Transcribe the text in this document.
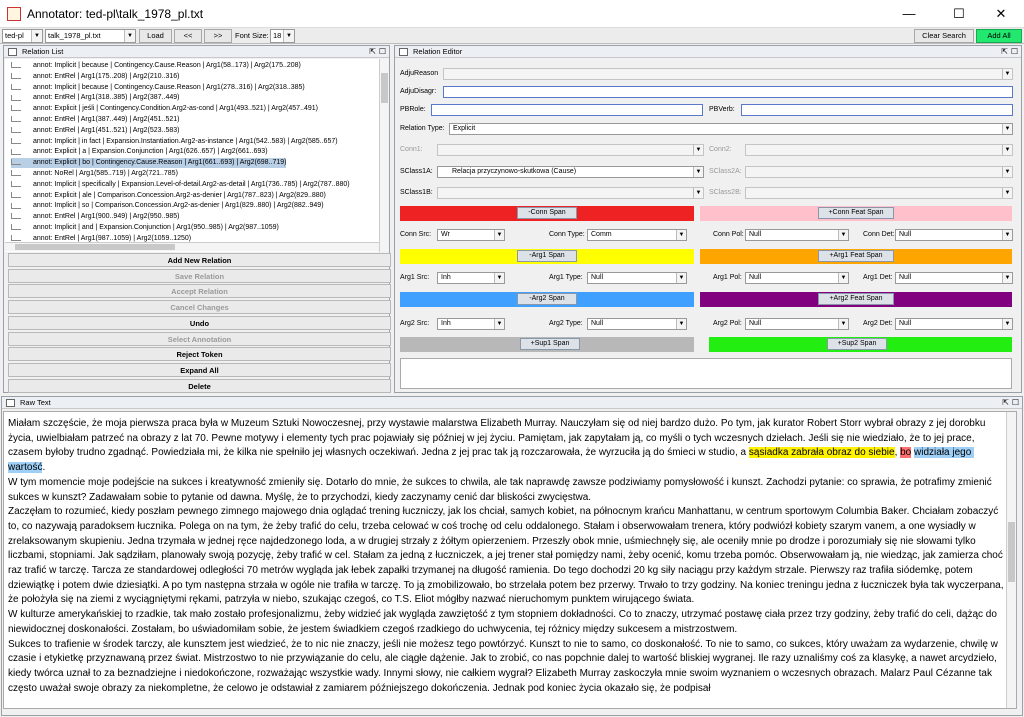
Annotator: ted-pl\talk_1978_pl.txt	—	☐	✕
ted-pl	▼	talk_1978_pl.txt	▼	Load	<<	>>	Font Size: 18 ▼	Clear Search	Add All
Relation List	⇱ ☐
annot: Implicit | because | Contingency.Cause.Reason | Arg1(58..173) | Arg2(175..208)
annot: EntRel | Arg1(175..208) | Arg2(210..316)
annot: Implicit | because | Contingency.Cause.Reason | Arg1(278..316) | Arg2(318..385)
annot: EntRel | Arg1(318..385) | Arg2(387..449)
annot: Explicit | jeśli | Contingency.Condition.Arg2-as-cond | Arg1(493..521) | Arg2(457..491)
annot: EntRel | Arg1(387..449) | Arg2(451..521)
annot: EntRel | Arg1(451..521) | Arg2(523..583)
annot: Implicit | in fact | Expansion.Instantiation.Arg2-as-instance | Arg1(542..583) | Arg2(585..657)
annot: Explicit | a | Expansion.Conjunction | Arg1(626..657) | Arg2(661..693)
annot: Explicit | bo | Contingency.Cause.Reason | Arg1(661..693) | Arg2(698..719)
annot: NoRel | Arg1(585..719) | Arg2(721..785)
annot: Implicit | specifically | Expansion.Level-of-detail.Arg2-as-detail | Arg1(736..785) | Arg2(787..880)
annot: Explicit | ale | Comparison.Concession.Arg2-as-denier | Arg1(787..823) | Arg2(829..880)
annot: Implicit | so | Comparison.Concession.Arg2-as-denier | Arg1(829..880) | Arg2(882..949)
annot: EntRel | Arg1(900..949) | Arg2(950..985)
annot: Implicit | and | Expansion.Conjunction | Arg1(950..985) | Arg2(987..1059)
annot: EntRel | Arg1(987..1059) | Arg2(1059..1250)
Add New Relation
Save Relation
Accept Relation
Cancel Changes
Undo
Select Annotation
Reject Token
Expand All
Delete
Relation Editor	⇱ ☐
AdjuReason	▼
AdjuDisagr:
PBRole:	PBVerb:
Relation Type:	Explicit	▼
Conn1:	▼ Conn2:	▼
SClass1A:	Relacja przyczynowo-skutkowa (Cause)	▼ SClass2A:	▼
SClass1B:	▼ SClass2B:	▼
-Conn Span	+Conn Feat Span
Conn Src:	Wr	▼	Conn Type: Comm	▼	Conn Pol: Null	▼ Conn Det: Null	▼
-Arg1 Span	+Arg1 Feat Span
Arg1 Src:	Inh	▼	Arg1 Type:	Null	▼	Arg1 Pol:	Null	▼ Arg1 Det: Null	▼
-Arg2 Span	+Arg2 Feat Span
Arg2 Src:	Inh	▼	Arg2 Type:	Null	▼	Arg2 Pol:	Null	▼ Arg2 Det: Null	▼
+Sup1 Span	+Sup2 Span
Raw Text	⇱ ☐
Miałam szczęście, że moja pierwsza praca była w Muzeum Sztuki Nowoczesnej, przy wystawie malarstwa Elizabeth Murray. Nauczyłam się od niej bardzo dużo. Po tym, jak kurator Robert Storr wybrał obrazy z jej dorobku życia, uwielbiałam patrzeć na obrazy z lat 70. Pewne motywy i elementy tych prac pojawiały się później w jej życiu. Pamiętam, jak zapytałam ją, co myśli o tych wczesnych dziełach. Jeśli się nie wiedziało, że to jej prace, czasem byłoby trudno zgadnąć. Powiedziała mi, że kilka nie spełniło jej własnych oczekiwań. Jedna z jej prac tak ją rozczarowała, że wyrzuciła ją do śmieci w studio, a sąsiadka zabrała obraz do siebie, bo widziała jego wartość.
W tym momencie moje podejście na sukces i kreatywność zmieniły się. Dotarło do mnie, że sukces to chwila, ale tak naprawdę zawsze podziwiamy pomysłowość i kunszt. Zachodzi pytanie: co sprawia, że potrafimy zmienić sukces w kunszt? Zadawałam sobie to pytanie od dawna. Myślę, że to przychodzi, kiedy zaczynamy cenić dar bliskości zwycięstwa.
Zaczęłam to rozumieć, kiedy poszłam pewnego zimnego majowego dnia oglądać trening łuczniczy, jak los chciał, samych kobiet, na północnym krańcu Manhattanu, w centrum sportowym Columbia Baker. Chciałam zobaczyć to, co nazywają paradoksem łucznika. Polega on na tym, że żeby trafić do celu, trzeba celować w coś trochę od celu oddalonego. Stałam i obserwowałam trenera, który podwiózł kobiety szarym vanem, a one wysiadły w zrelaksowanym skupieniu. Jedna trzymała w jednej ręce najdedzonego loda, a w drugiej strzały z żółtym opierzeniem. Przeszły obok mnie, uśmiechnęły się, ale oceniły mnie po drodze i porozumiały się nie słowami tylko liczbami, stopniami. Jak sądziłam, planowały swoją pozycję, żeby trafić w cel. Stałam za jedną z łuczniczek, a jej trener stał pomiędzy nami, żeby ocenić, komu trzeba pomóc. Obserwowałam ją, nie wiedząc, jak zamierza choć raz trafić w tarczę. Tarcza ze standardowej odległości 70 metrów wygląda jak łebek zapałki trzymanej na długość ramienia. Do tego dochodzi 20 kg siły naciągu przy każdym strzale. Pierwszy raz trafiła siódemkę, potem dziewiątkę i potem dwie dziesiątki. A po tym następna strzała w ogóle nie trafiła w tarczę. To ją zmobilizowało, bo strzelała potem bez przerwy. Trwało to trzy godziny. Na koniec treningu jedna z łuczniczek była tak wyczerpana, że położyła się na ziemi z wyciągniętymi rękami, patrzyła w niebo, szukając czegoś, co T.S. Eliot mógłby nazwać nieruchomym punktem wirującego świata.
W kulturze amerykańskiej to rzadkie, tak mało zostało profesjonalizmu, żeby widzieć jak wygląda zawziętość z tym stopniem dokładności. Co to znaczy, utrzymać postawę ciała przez trzy godziny, żeby trafić do celi, dążąc do niewidocznej doskonałości. Zostałam, bo uświadomiłam sobie, że jestem świadkiem czegoś rzadkiego do uchwycenia, tej różnicy między sukcesem a mistrzostwem.
Sukces to trafienie w środek tarczy, ale kunsztem jest wiedzieć, że to nic nie znaczy, jeśli nie możesz tego powtórzyć. Kunszt to nie to samo, co doskonałość. To nie to samo, co sukces, który uważam za wydarzenie, chwilę w czasie i etykietkę przyznawaną przez świat. Mistrzostwo to nie przywiązanie do celu, ale ciągłe dążenie. Jak to zrobić, co nas popchnie dalej to wartość bliskiej wygranej. Ile razy uznaliśmy coś za klasykę, a nawet arcydzieło, kiedy twórca uznał to za beznadziejne i niedokończone, rozważając wszystkie wady. Innymi słowy, nie całkiem wygrał? Elizabeth Murray zaskoczyła mnie swoim wyznaniem o wczesnych obrazach. Malarz Paul Cézanne tak często uważał swoje obrazy za niekompletne, że celowo je odstawiał z zamiarem późniejszego dokończenia. Jednak pod koniec życia okazało się, że podpisał
